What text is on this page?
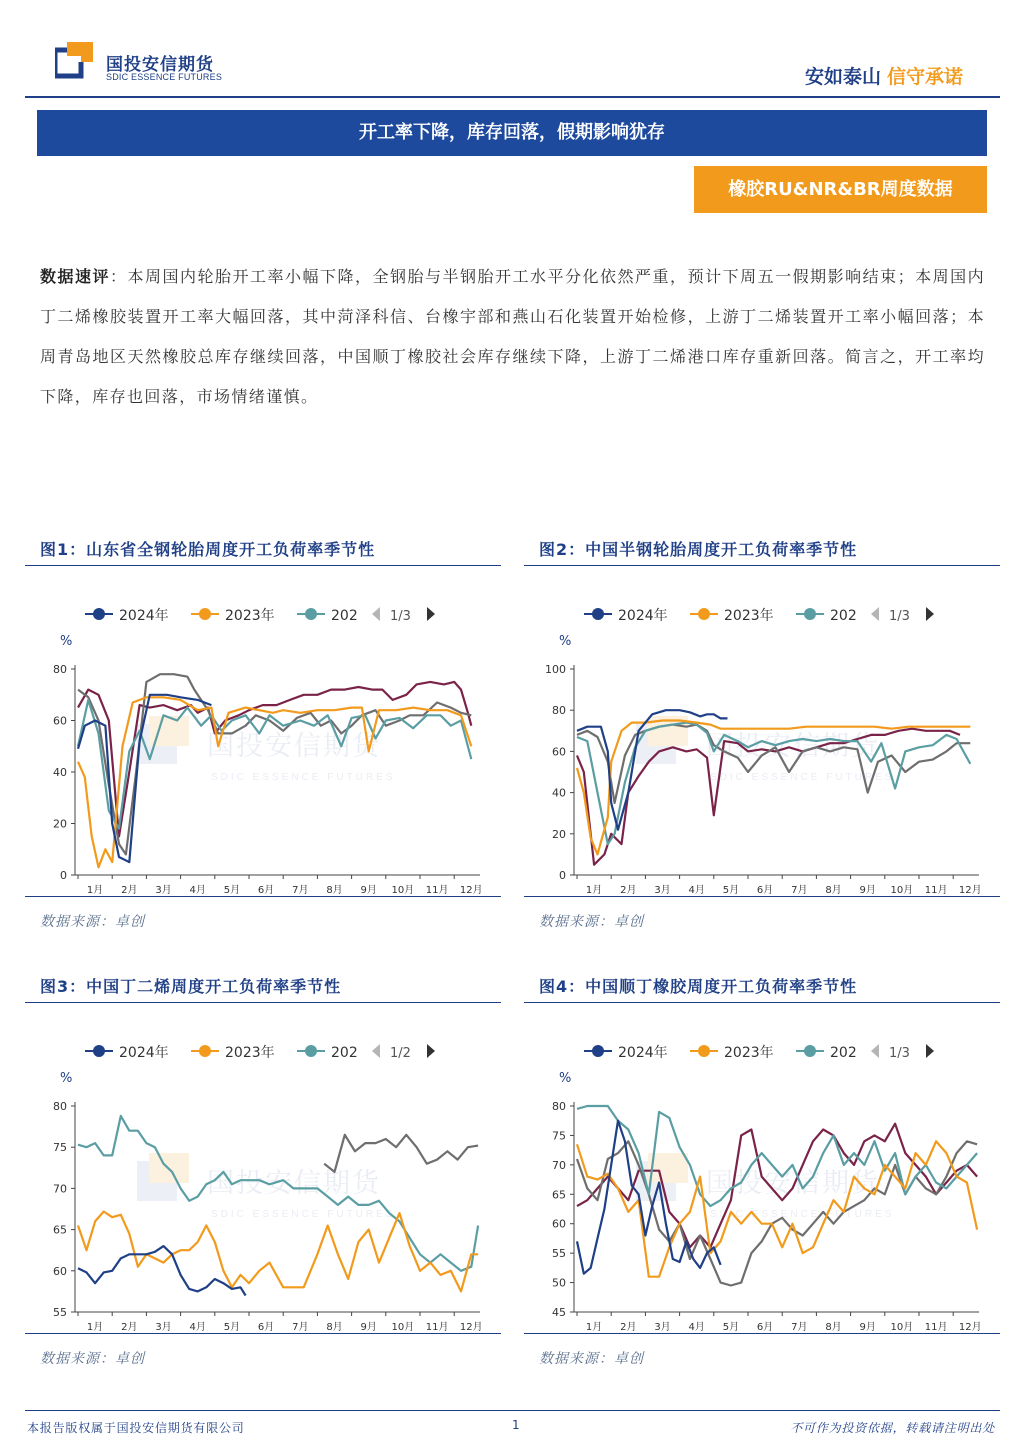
国投安信期货
SDIC ESSENCE FUTURES	安如泰山 信守承诺
开工率下降，库存回落，假期影响犹存
橡胶RU&NR&BR周度数据
数据速评：本周国内轮胎开工率小幅下降，全钢胎与半钢胎开工水平分化依然严重，预计下周五一假期影响结束；本周国内丁二烯橡胶装置开工率大幅回落，其中菏泽科信、台橡宇部和燕山石化装置开始检修，上游丁二烯装置开工率小幅回落；本周青岛地区天然橡胶总库存继续回落，中国顺丁橡胶社会库存继续下降，上游丁二烯港口库存重新回落。简言之，开工率均下降，库存也回落，市场情绪谨慎。
图1：山东省全钢轮胎周度开工负荷率季节性
国投安信期货
SDIC ESSENCE FUTURES
2024年	2023年	202 1/3
%
0
20
40
60
80
1月 2月 3月 4月 5月 6月 7月 8月 9月 10月 11月 12月
数据来源：卓创
图2：中国半钢轮胎周度开工负荷率季节性
国投安信期货
SDIC ESSENCE FUTURES
2024年	2023年	202 1/3
%
0
20
40
60
80
100
1月 2月 3月 4月 5月 6月 7月 8月 9月 10月 11月 12月
数据来源：卓创
图3：中国丁二烯周度开工负荷率季节性
国投安信期货
SDIC ESSENCE FUTURES
2024年	2023年	202 1/2
%
55
60
65
70
75
80
1月 2月 3月 4月 5月 6月 7月 8月 9月 10月 11月 12月
数据来源：卓创
图4：中国顺丁橡胶周度开工负荷率季节性
国投安信期货
SDIC ESSENCE FUTURES
2024年	2023年	202 1/3
%
45
50
55
60
65
70
75
80
1月 2月 3月 4月 5月 6月 7月 8月 9月 10月 11月 12月
数据来源：卓创
本报告版权属于国投安信期货有限公司	1	不可作为投资依据，转载请注明出处
